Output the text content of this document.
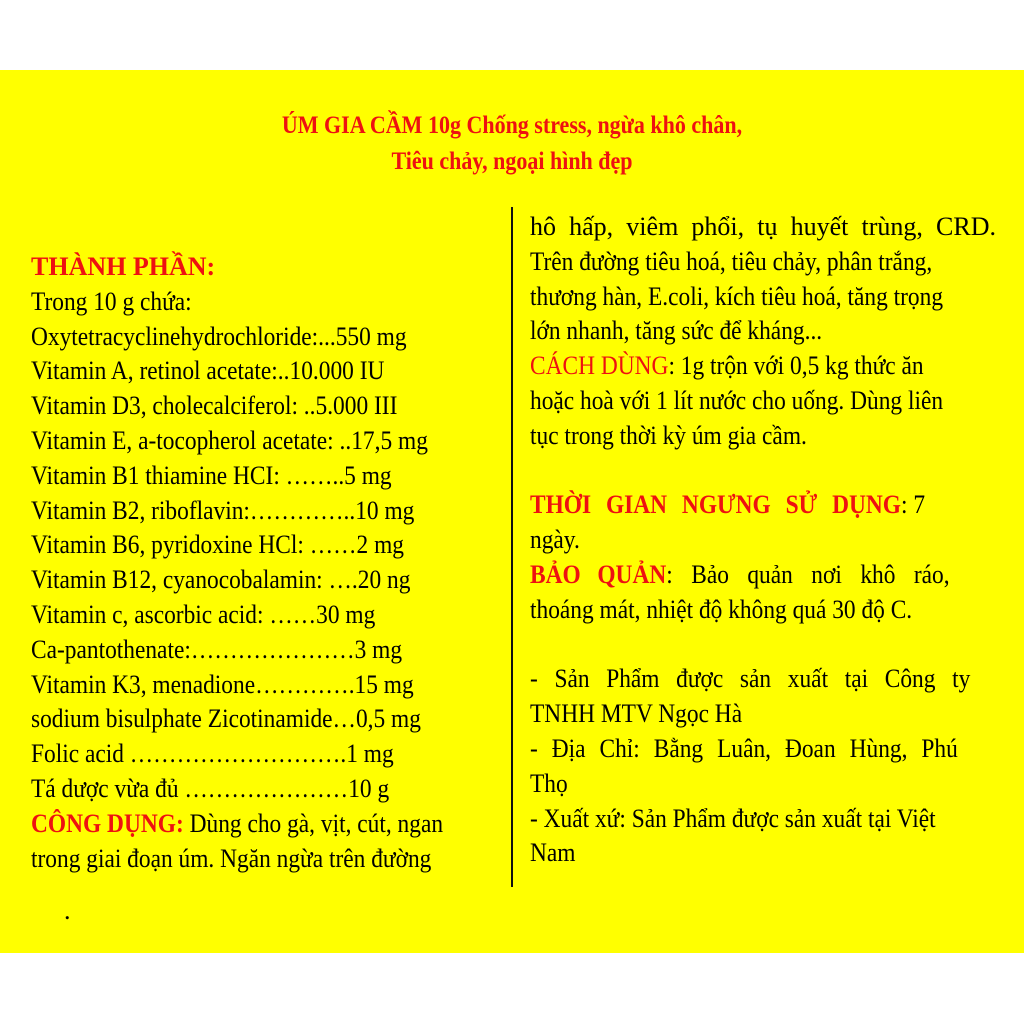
ÚM GIA CẦM 10g Chống stress, ngừa khô chân,
Tiêu chảy, ngoại hình đẹp
THÀNH PHẦN:
Trong 10 g chứa:
Oxytetracyclinehydrochloride:...550 mg
Vitamin A, retinol acetate:..10.000 IU
Vitamin D3, cholecalciferol: ..5.000 III
Vitamin E, a-tocopherol acetate: ..17,5 mg
Vitamin B1 thiamine HCI: ……..5 mg
Vitamin B2, riboflavin:…………..10 mg
Vitamin B6, pyridoxine HCl: ……2 mg
Vitamin B12, cyanocobalamin: ….20 ng
Vitamin c, ascorbic acid: ……30 mg
Ca-pantothenate:…………………3 mg
Vitamin K3, menadione………….15 mg
sodium bisulphate Zicotinamide…0,5 mg
Folic acid ……………………….1 mg
Tá dược vừa đủ …………………10 g
CÔNG DỤNG: Dùng cho gà, vịt, cút, ngan
trong giai đoạn úm. Ngăn ngừa trên đường
.
hô hấp, viêm phổi, tụ huyết trùng, CRD.
Trên đường tiêu hoá, tiêu chảy, phân trắng,
thương hàn, E.coli, kích tiêu hoá, tăng trọng
lớn nhanh, tăng sức để kháng...
CÁCH DÙNG: 1g trộn với 0,5 kg thức ăn
hoặc hoà với 1 lít nước cho uống. Dùng liên
tục trong thời kỳ úm gia cầm.
THỜI GIAN NGƯNG SỬ DỤNG: 7
ngày.
BẢO QUẢN: Bảo quản nơi khô ráo,
thoáng mát, nhiệt độ không quá 30 độ C.
- Sản Phẩm được sản xuất tại Công ty
TNHH MTV Ngọc Hà
- Địa Chỉ: Bằng Luân, Đoan Hùng, Phú
Thọ
- Xuất xứ: Sản Phẩm được sản xuất tại Việt
Nam
